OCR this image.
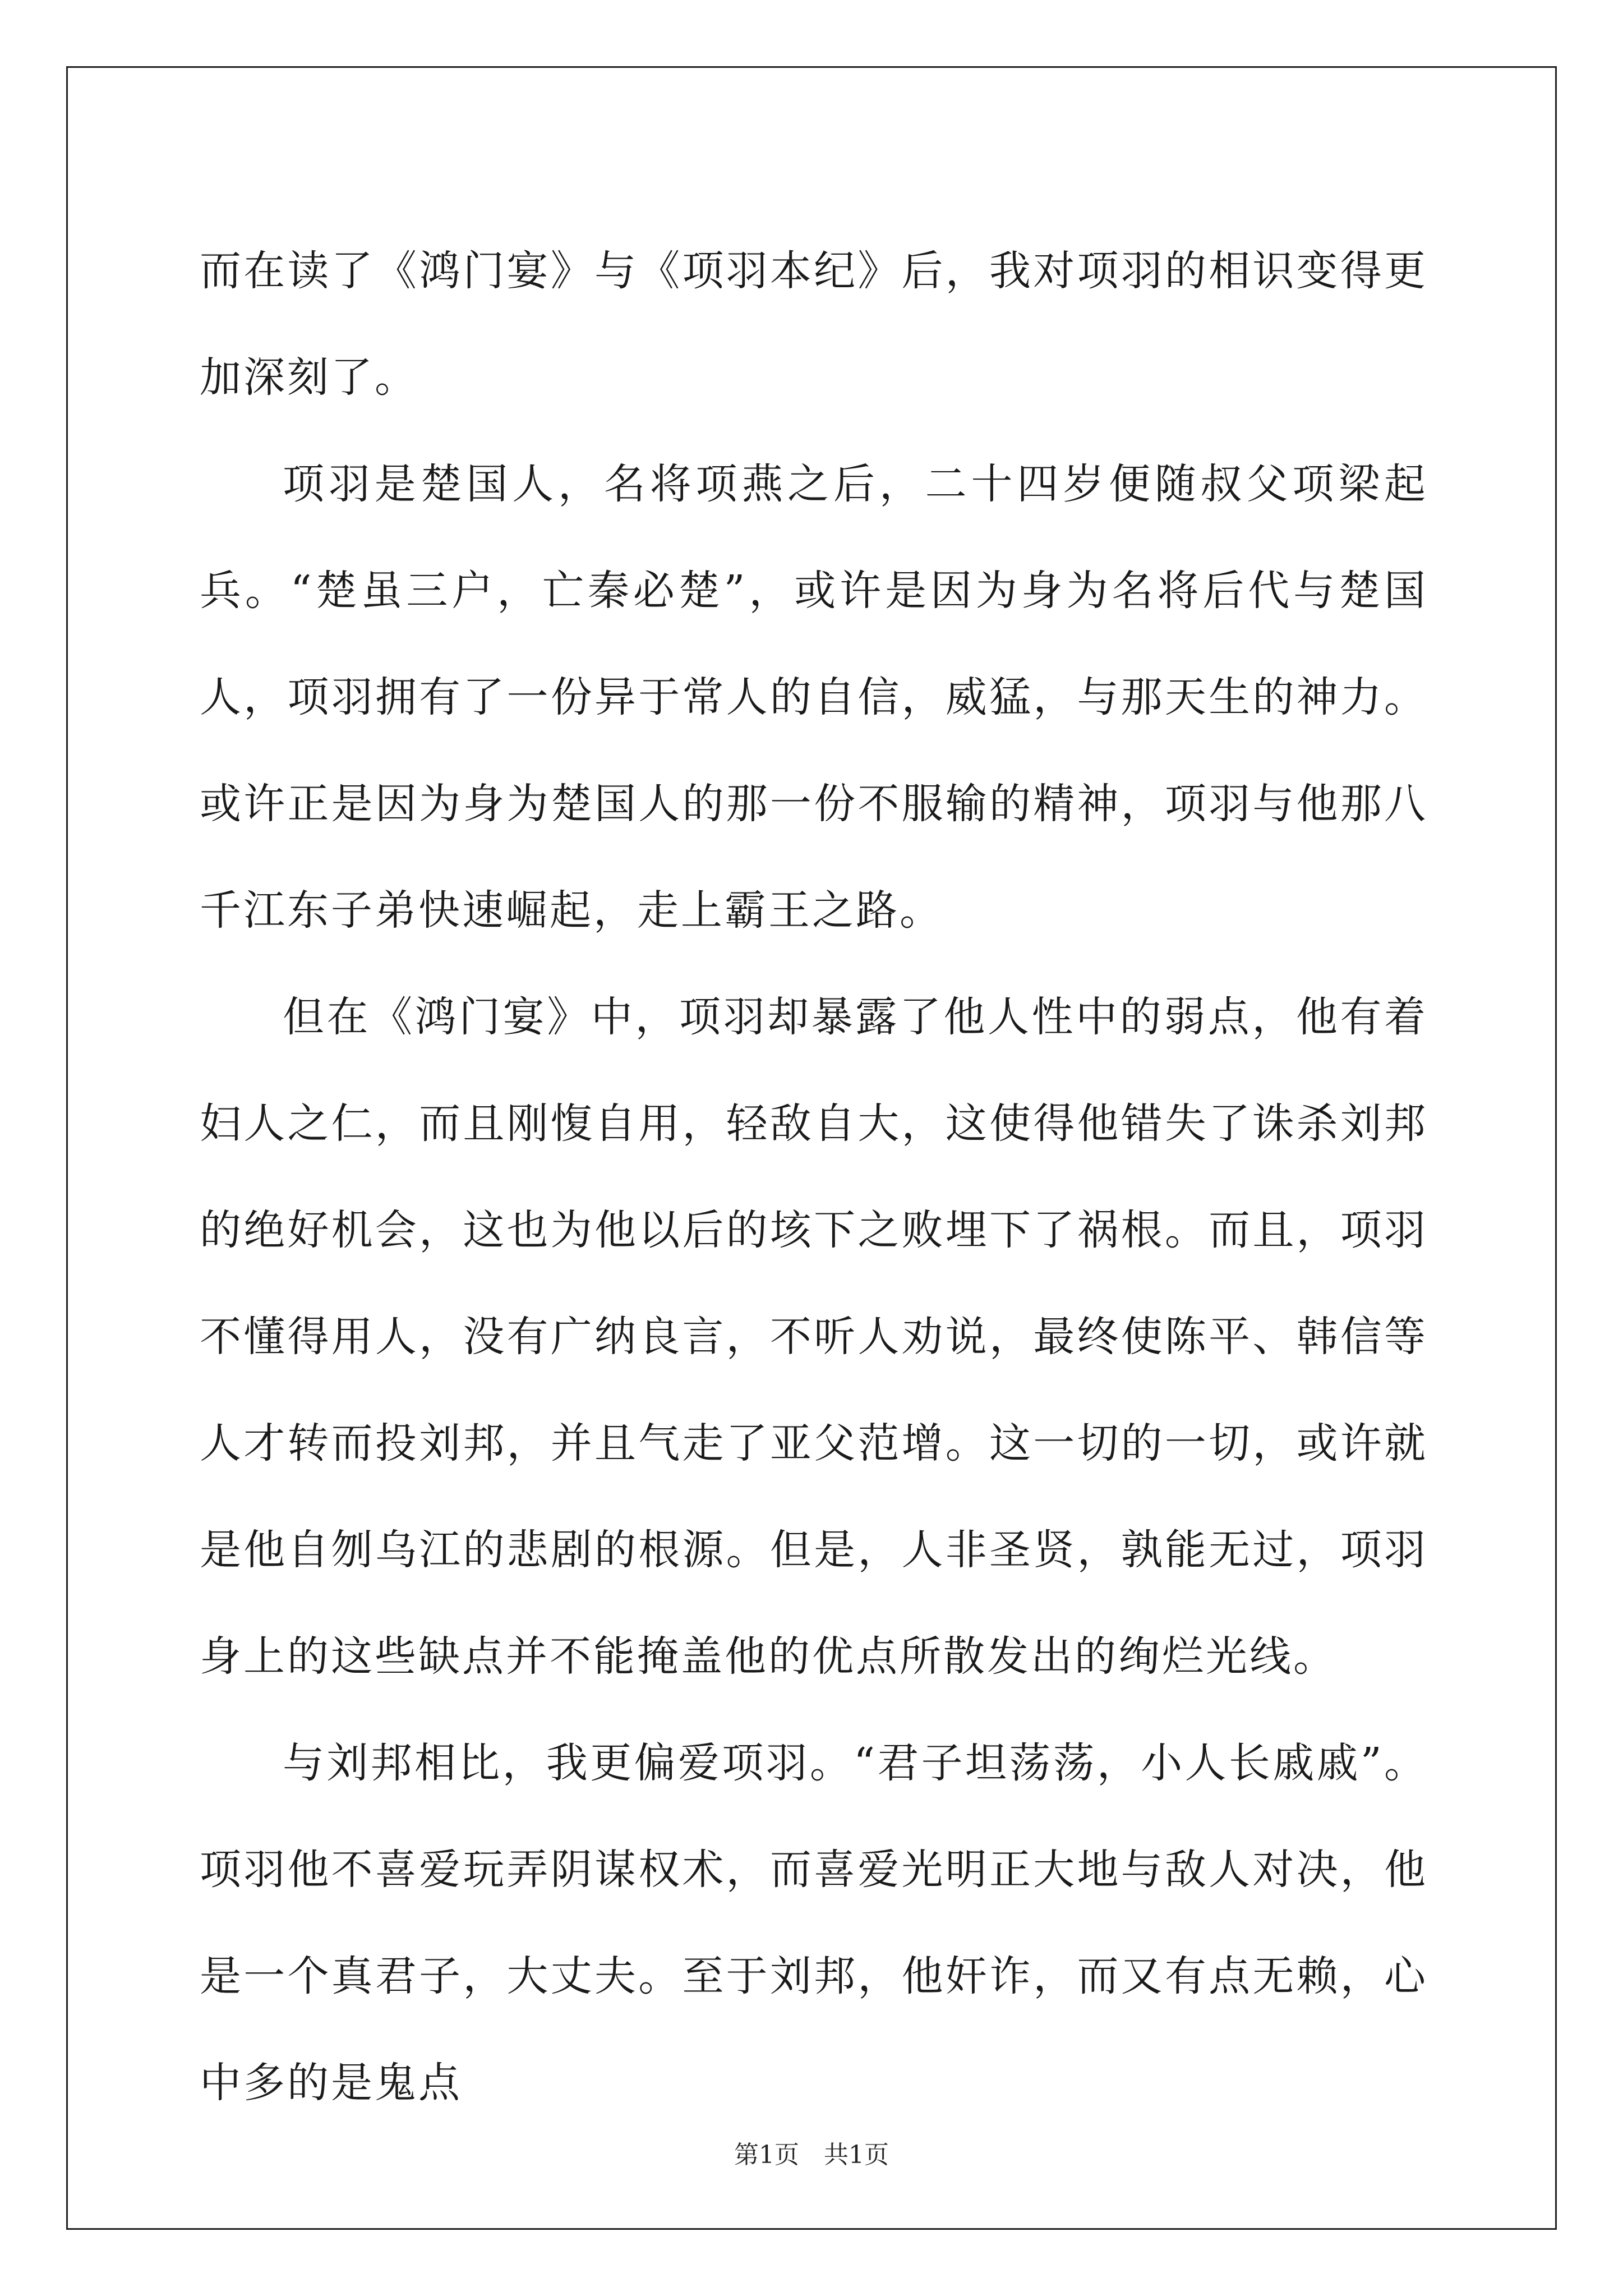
而在读了《鸿门宴》与《项羽本纪》后，我对项羽的相识变得更加深刻了。

项羽是楚国人，名将项燕之后，二十四岁便随叔父项梁起兵。“楚虽三户，亡秦必楚”，或许是因为身为名将后代与楚国人，项羽拥有了一份异于常人的自信，威猛，与那天生的神力。或许正是因为身为楚国人的那一份不服输的精神，项羽与他那八千江东子弟快速崛起，走上霸王之路。

但在《鸿门宴》中，项羽却暴露了他人性中的弱点，他有着妇人之仁，而且刚愎自用，轻敌自大，这使得他错失了诛杀刘邦的绝好机会，这也为他以后的垓下之败埋下了祸根。而且，项羽不懂得用人，没有广纳良言，不听人劝说，最终使陈平、韩信等人才转而投刘邦，并且气走了亚父范增。这一切的一切，或许就是他自刎乌江的悲剧的根源。但是，人非圣贤，孰能无过，项羽身上的这些缺点并不能掩盖他的优点所散发出的绚烂光线。

与刘邦相比，我更偏爱项羽。“君子坦荡荡，小人长戚戚”。项羽他不喜爱玩弄阴谋权术，而喜爱光明正大地与敌人对决，他是一个真君子，大丈夫。至于刘邦，他奸诈，而又有点无赖，心中多的是鬼点

第1页　共1页
